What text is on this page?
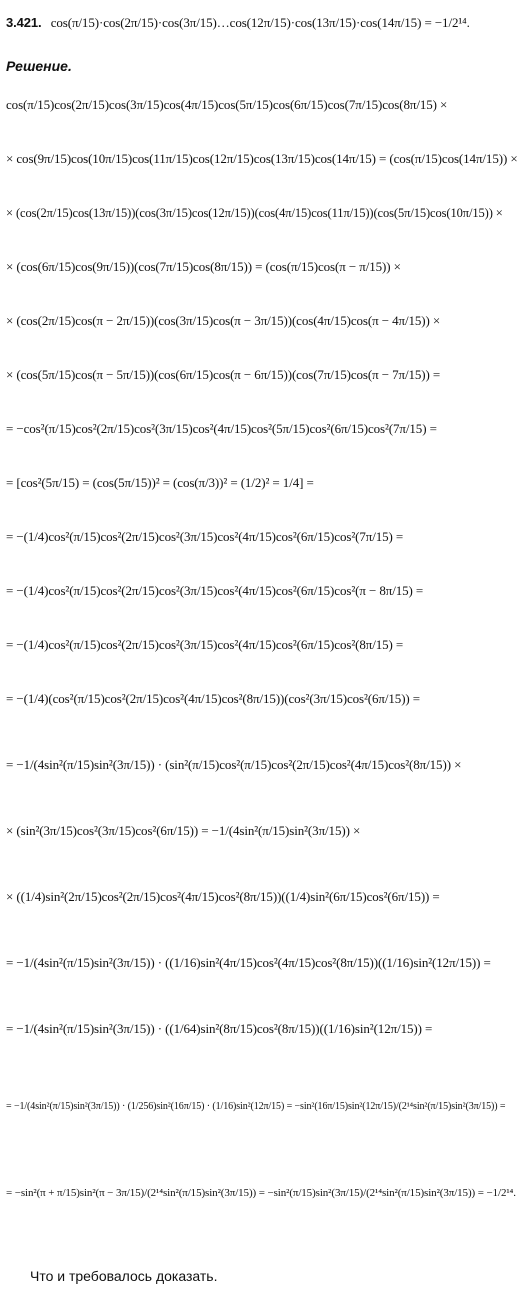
3.421. cos(π/15)·cos(2π/15)·cos(3π/15)…cos(12π/15)·cos(13π/15)·cos(14π/15) = −1/2¹⁴.
Решение.
cos(π/15)cos(2π/15)cos(3π/15)cos(4π/15)cos(5π/15)cos(6π/15)cos(7π/15)cos(8π/15) ×
× cos(9π/15)cos(10π/15)cos(11π/15)cos(12π/15)cos(13π/15)cos(14π/15) = (cos(π/15)cos(14π/15)) ×
× (cos(2π/15)cos(13π/15))(cos(3π/15)cos(12π/15))(cos(4π/15)cos(11π/15))(cos(5π/15)cos(10π/15)) ×
× (cos(6π/15)cos(9π/15))(cos(7π/15)cos(8π/15)) = (cos(π/15)cos(π − π/15)) ×
× (cos(2π/15)cos(π − 2π/15))(cos(3π/15)cos(π − 3π/15))(cos(4π/15)cos(π − 4π/15)) ×
× (cos(5π/15)cos(π − 5π/15))(cos(6π/15)cos(π − 6π/15))(cos(7π/15)cos(π − 7π/15)) =
= −cos²(π/15)cos²(2π/15)cos²(3π/15)cos²(4π/15)cos²(5π/15)cos²(6π/15)cos²(7π/15) =
= [cos²(5π/15) = (cos(5π/15))² = (cos(π/3))² = (1/2)² = 1/4] =
= −(1/4)cos²(π/15)cos²(2π/15)cos²(3π/15)cos²(4π/15)cos²(6π/15)cos²(7π/15) =
= −(1/4)cos²(π/15)cos²(2π/15)cos²(3π/15)cos²(4π/15)cos²(6π/15)cos²(π − 8π/15) =
= −(1/4)cos²(π/15)cos²(2π/15)cos²(3π/15)cos²(4π/15)cos²(6π/15)cos²(8π/15) =
= −(1/4)(cos²(π/15)cos²(2π/15)cos²(4π/15)cos²(8π/15))(cos²(3π/15)cos²(6π/15)) =
= −1/(4sin²(π/15)sin²(3π/15)) · (sin²(π/15)cos²(π/15)cos²(2π/15)cos²(4π/15)cos²(8π/15)) ×
× (sin²(3π/15)cos²(3π/15)cos²(6π/15)) = −1/(4sin²(π/15)sin²(3π/15)) ×
× ((1/4)sin²(2π/15)cos²(2π/15)cos²(4π/15)cos²(8π/15))((1/4)sin²(6π/15)cos²(6π/15)) =
= −1/(4sin²(π/15)sin²(3π/15)) · ((1/16)sin²(4π/15)cos²(4π/15)cos²(8π/15))((1/16)sin²(12π/15)) =
= −1/(4sin²(π/15)sin²(3π/15)) · ((1/64)sin²(8π/15)cos²(8π/15))((1/16)sin²(12π/15)) =
= −1/(4sin²(π/15)sin²(3π/15)) · (1/256)sin²(16π/15) · (1/16)sin²(12π/15) = −sin²(16π/15)sin²(12π/15)/(2¹⁴sin²(π/15)sin²(3π/15)) =
= −sin²(π + π/15)sin²(π − 3π/15)/(2¹⁴sin²(π/15)sin²(3π/15)) = −sin²(π/15)sin²(3π/15)/(2¹⁴sin²(π/15)sin²(3π/15)) = −1/2¹⁴.
Что и требовалось доказать.
